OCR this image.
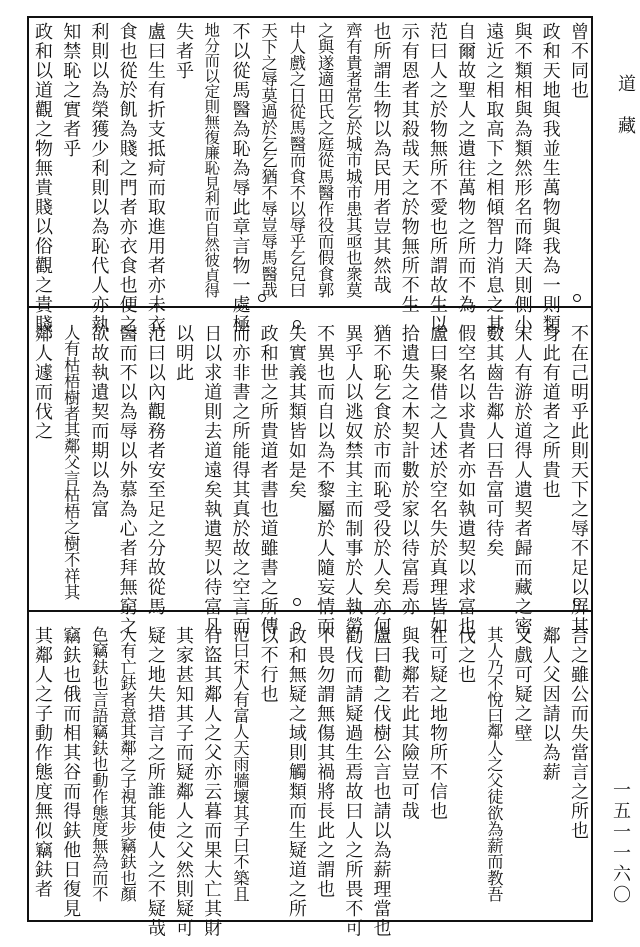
道
藏
一五一一六〇
曾不同也
政和天地與我並生萬物與我為一則類
與不類相與為類然形名而降天則側小
遠近之相取高下之相傾智力消息之其
自爾故聖人之遺往萬物之所而不為
范曰人之於物無所不愛也所謂故生以
示有恩者其殺哉天之於物無所不生
也所謂生物以為民用者豈其然哉
齊有貴者常乞於城市城市患其亟也衆莫
之與遂適田氏之庭從馬醫作役而假食郭
中人戲之日從馬醫而食不以辱乎乞兒曰
天下之辱莫過於乞乞猶不辱豈辱馬醫哉
不以從馬醫為恥為辱此章言物一處極
地分而以定則無復廉恥見利而自然彼貞得
失者乎
盧曰生有折支抵疴而取進用者亦未衣
食也從於飢為賤之門者亦衣食也便之
利則以為榮獲少利則以為恥代人亦執
知禁恥之實者乎
政和以道觀之物無貴賤以俗觀之貴賤
不在己明乎此則天下之辱不足以屏其
身此有道者之所貴也
宋人有游於道得人遺契者歸而藏之密
數其齒告鄰人曰吾富可待矣
假空名以求貴者亦如執遺契以求富也
盧曰聚借之人述於空名失於真理皆如
拾遺失之木契計數於家以待富焉亦
猶不恥乞食於市而恥受役於人矣亦何
異乎人以逃奴禁其主而制事於人執勞
不異也而自以為不黎屬於人隨妄情而
失實義其類皆如是矣
政和世之所貴道者書也道雖書之所傳
而亦非書之所能得其真於故之空言而
日以求道則去道遠矣執遺契以待富凡
以明此
范曰以內觀務者安至足之分故從馬
醫而不以為辱以外慕為心者拜無窮之
欲故執遺契而期以為富
人有枯梧樹者其鄰父言枯梧之樹不祥其
鄰人遽而伐之
言之雖公而失當言之所也
鄰人父因請以為薪
又戲可疑之壁
其人乃不悅曰鄰人之父徒欲為薪而教吾
伐之也
在可疑之地物所不信也
與我鄰若此其險豈可哉
盧曰勸之伐樹公言也請以為薪理當也
勸伐而請疑過生焉故曰人之所畏不可
不畏勿謂無傷其禍將長此之謂也
政和無疑之域則觸類而生疑道之所
以不行也
范曰宋人有富人天雨牆壞其子曰不築且
有盜其鄰人之父亦云暮而果大亡其財
其家甚知其子而疑鄰人之父然則疑可
疑之地失措言之所誰能使人之不疑哉
人有亡鈇者意其鄰之子視其步竊鈇也顏
色竊鈇也言語竊鈇也動作態度無為而不
竊鈇也俄而相其谷而得鈇他日復見
其鄰人之子動作態度無似竊鈇者
